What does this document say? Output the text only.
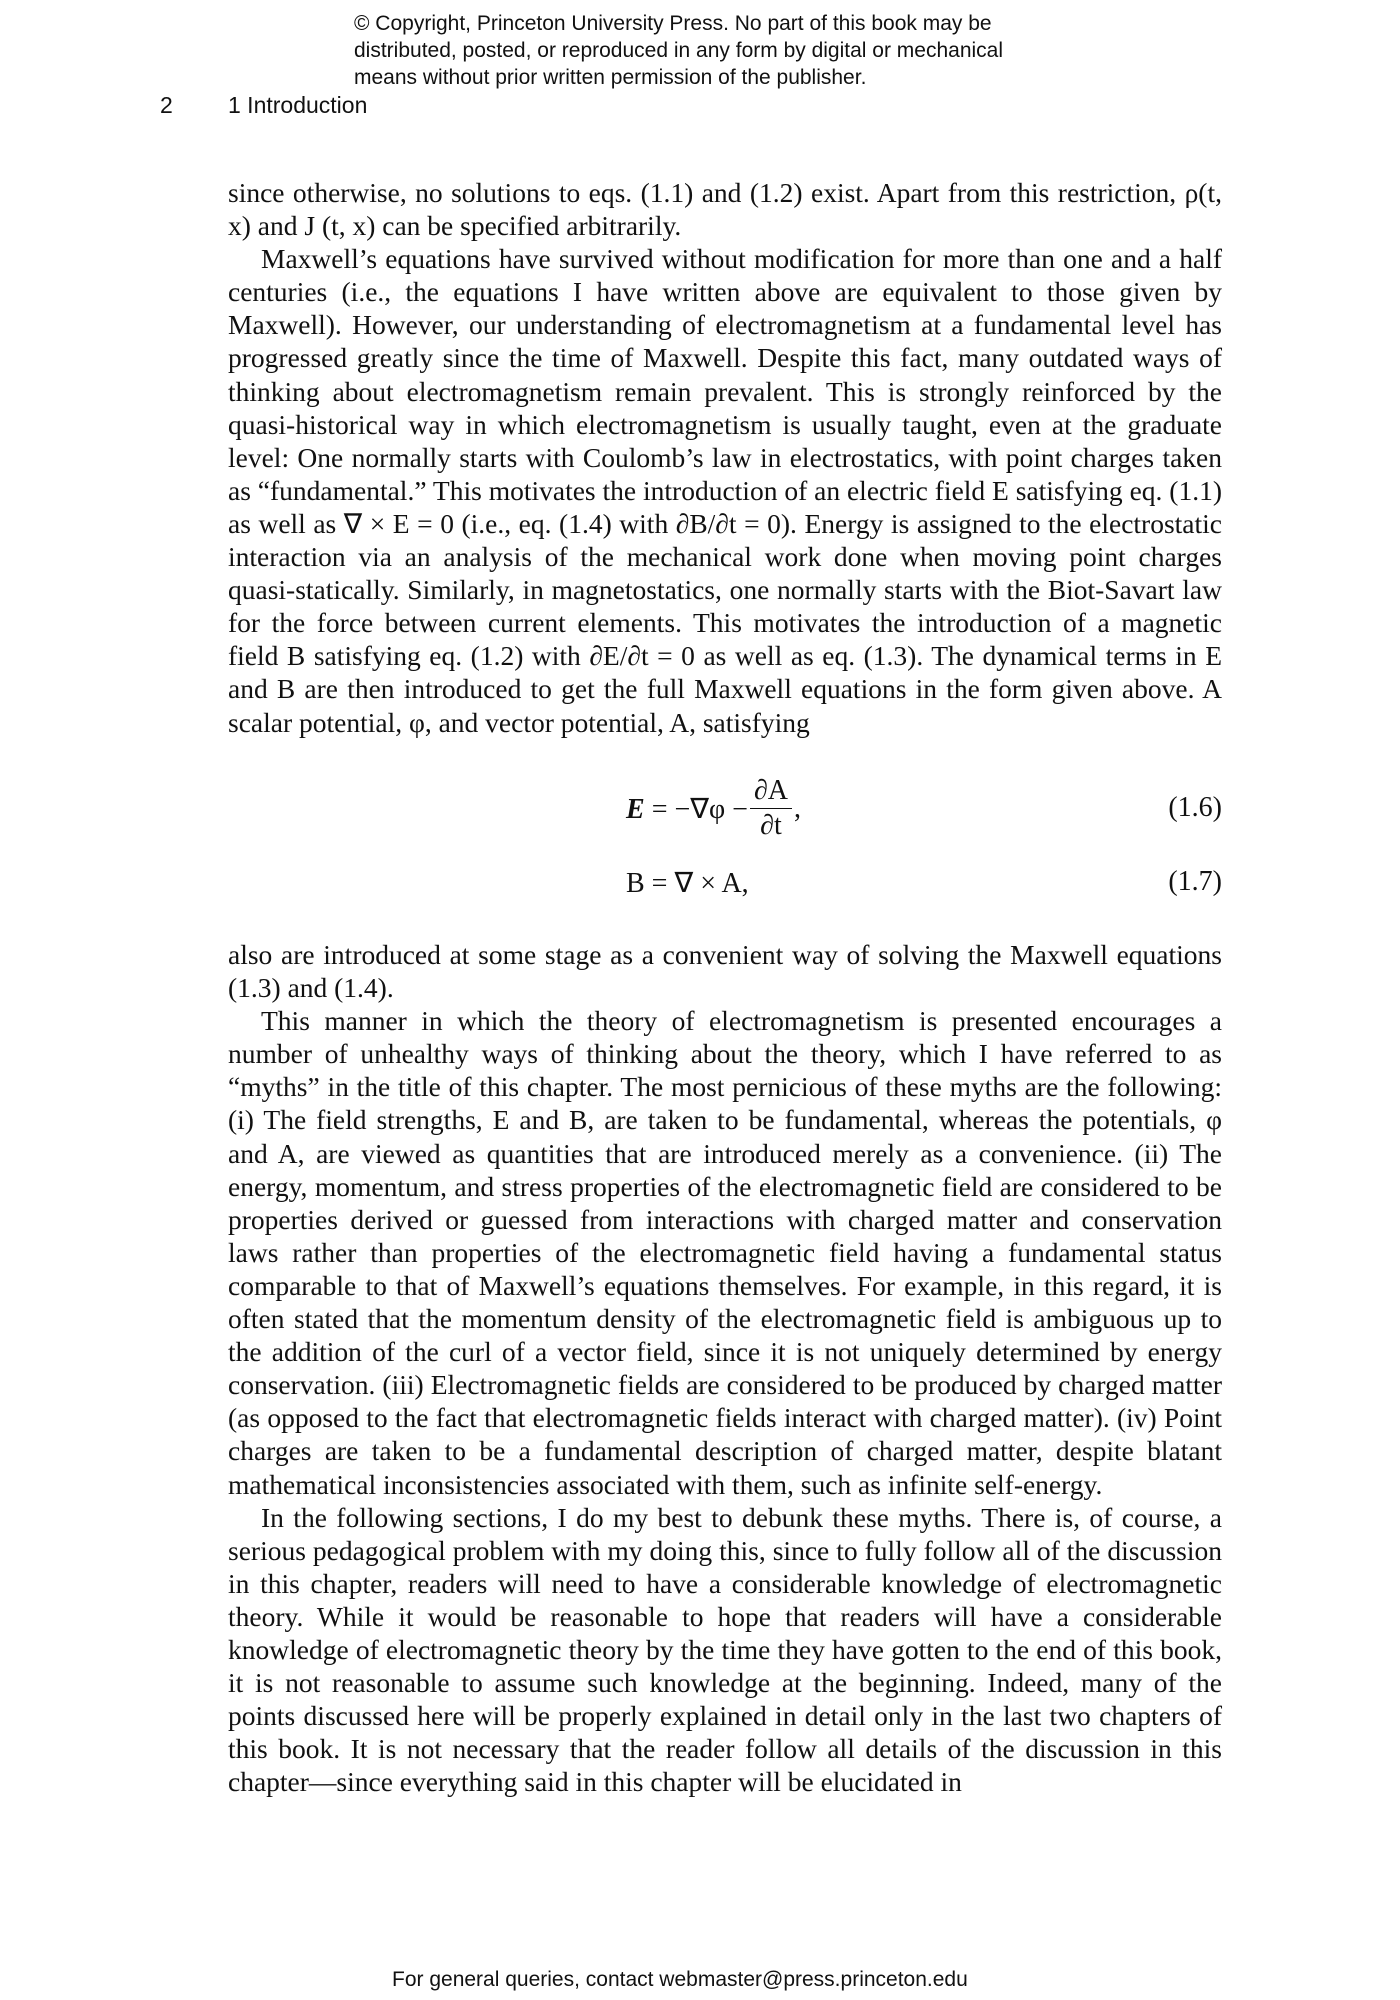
© Copyright, Princeton University Press. No part of this book may be
distributed, posted, or reproduced in any form by digital or mechanical
means without prior written permission of the publisher.
2 1 Introduction

since otherwise, no solutions to eqs. (1.1) and (1.2) exist. Apart from this restriction, ρ(t, x) and J (t, x) can be specified arbitrarily.

Maxwell’s equations have survived without modification for more than one and a half centuries (i.e., the equations I have written above are equivalent to those given by Maxwell). However, our understanding of electromagnetism at a fundamental level has progressed greatly since the time of Maxwell. Despite this fact, many outdated ways of thinking about electromagnetism remain prevalent. This is strongly reinforced by the quasi-historical way in which electromagnetism is usually taught, even at the graduate level: One normally starts with Coulomb’s law in electrostatics, with point charges taken as “fundamental.” This motivates the introduction of an electric field E satisfying eq. (1.1) as well as ∇ × E = 0 (i.e., eq. (1.4) with ∂B/∂t = 0). Energy is assigned to the electrostatic interaction via an analysis of the mechanical work done when moving point charges quasi-statically. Similarly, in magnetostatics, one normally starts with the Biot-Savart law for the force between current elements. This motivates the introduction of a magnetic field B satisfying eq. (1.2) with ∂E/∂t = 0 as well as eq. (1.3). The dynamical terms in E and B are then introduced to get the full Maxwell equations in the form given above. A scalar potential, φ, and vector potential, A, satisfying

$E = -\nabla\varphi - \frac{\partial A}{\partial t}$ ,	(1.6)
B = ∇ × A,	(1.7)

also are introduced at some stage as a convenient way of solving the Maxwell equations (1.3) and (1.4).

This manner in which the theory of electromagnetism is presented encourages a number of unhealthy ways of thinking about the theory, which I have referred to as “myths” in the title of this chapter. The most pernicious of these myths are the following: (i) The field strengths, E and B, are taken to be fundamental, whereas the potentials, φ and A, are viewed as quantities that are introduced merely as a convenience. (ii) The energy, momentum, and stress properties of the electromagnetic field are considered to be properties derived or guessed from interactions with charged matter and conservation laws rather than properties of the electromagnetic field having a fundamental status comparable to that of Maxwell’s equations themselves. For example, in this regard, it is often stated that the momentum density of the electromagnetic field is ambiguous up to the addition of the curl of a vector field, since it is not uniquely determined by energy conservation. (iii) Electromagnetic fields are considered to be produced by charged matter (as opposed to the fact that electromagnetic fields interact with charged matter). (iv) Point charges are taken to be a fundamental description of charged matter, despite blatant mathematical inconsistencies associated with them, such as infinite self-energy.

In the following sections, I do my best to debunk these myths. There is, of course, a serious pedagogical problem with my doing this, since to fully follow all of the discussion in this chapter, readers will need to have a considerable knowledge of electromagnetic theory. While it would be reasonable to hope that readers will have a considerable knowledge of electromagnetic theory by the time they have gotten to the end of this book, it is not reasonable to assume such knowledge at the beginning. Indeed, many of the points discussed here will be properly explained in detail only in the last two chapters of this book. It is not necessary that the reader follow all details of the discussion in this chapter—since everything said in this chapter will be elucidated in

For general queries, contact webmaster@press.princeton.edu
